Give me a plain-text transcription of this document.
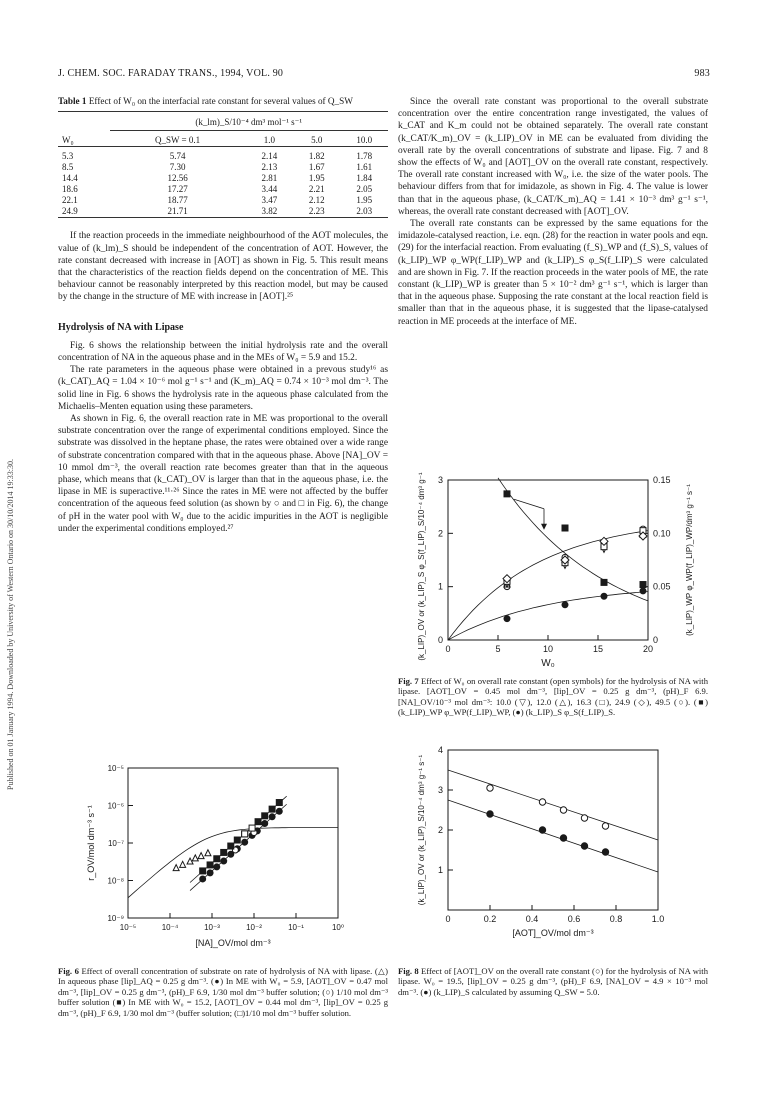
J. CHEM. SOC. FARADAY TRANS., 1994, VOL. 90	983
Published on 01 January 1994. Downloaded by University of Western Ontario on 30/10/2014 19:33:30.
Table 1 Effect of W₀ on the interfacial rate constant for several values of Q_SW

	(k_lm)_S/10⁻⁴ dm³ mol⁻¹ s⁻¹			

W₀	Q_SW = 0.1	1.0	5.0	10.0

5.3	5.74	2.14	1.82	1.78
8.5	7.30	2.13	1.67	1.61
14.4	12.56	2.81	1.95	1.84
18.6	17.27	3.44	2.21	2.05
22.1	18.77	3.47	2.12	1.95
24.9	21.71	3.82	2.23	2.03

If the reaction proceeds in the immediate neighbourhood of the AOT molecules, the value of (k_lm)_S should be independent of the concentration of AOT. However, the rate constant decreased with increase in [AOT] as shown in Fig. 5. This result means that the characteristics of the reaction fields depend on the concentration of ME. This behaviour cannot be reasonably interpreted by this reaction model, but may be caused by the change in the structure of ME with increase in [AOT].²⁵

Hydrolysis of NA with Lipase

Fig. 6 shows the relationship between the initial hydrolysis rate and the overall concentration of NA in the aqueous phase and in the MEs of W₀ = 5.9 and 15.2.

The rate parameters in the aqueous phase were obtained in a prevous study¹⁶ as (k_CAT)_AQ = 1.04 × 10⁻⁶ mol g⁻¹ s⁻¹ and (K_m)_AQ = 0.74 × 10⁻³ mol dm⁻³. The solid line in Fig. 6 shows the hydrolysis rate in the aqueous phase calculated from the Michaelis–Menten equation using these parameters.

As shown in Fig. 6, the overall reaction rate in ME was proportional to the overall substrate concentration over the range of experimental conditions employed. Since the substrate was dissolved in the heptane phase, the rates were obtained over a wide range of substrate concentration compared with that in the aqueous phase. Above [NA]_OV = 10 mmol dm⁻³, the overall reaction rate becomes greater than that in the aqueous phase, which means that (k_CAT)_OV is larger than that in the aqueous phase, i.e. the lipase in ME is superactive.¹¹·²⁶ Since the rates in ME were not affected by the buffer concentration of the aqueous feed solution (as shown by ○ and □ in Fig. 6), the change of pH in the water pool with W₀ due to the acidic impurities in the AOT is negligible under the experimental conditions employed.²⁷

Since the overall rate constant was proportional to the overall substrate concentration over the entire concentration range investigated, the values of k_CAT and K_m could not be obtained separately. The overall rate constant (k_CAT/K_m)_OV = (k_LIP)_OV in ME can be evaluated from dividing the overall rate by the overall concentrations of substrate and lipase. Fig. 7 and 8 show the effects of W₀ and [AOT]_OV on the overall rate constant, respectively. The overall rate constant increased with W₀, i.e. the size of the water pools. The behaviour differs from that for imidazole, as shown in Fig. 4. The value is lower than that in the aqueous phase, (k_CAT/K_m)_AQ = 1.41 × 10⁻³ dm³ g⁻¹ s⁻¹, whereas, the overall rate constant decreased with [AOT]_OV.

The overall rate constants can be expressed by the same equations for the imidazole-catalysed reaction, i.e. eqn. (28) for the reaction in water pools and eqn. (29) for the interfacial reaction. From evaluating (f_S)_WP and (f_S)_S, values of (k_LIP)_WP φ_WP(f_LIP)_WP and (k_LIP)_S φ_S(f_LIP)_S were calculated and are shown in Fig. 7. If the reaction proceeds in the water pools of ME, the rate constant (k_LIP)_WP is greater than 5 × 10⁻² dm³ g⁻¹ s⁻¹, which is larger than that in the aqueous phase. Supposing the rate constant at the local reaction field is smaller than that in the aqueous phase, it is suggested that the lipase-catalysed reaction in ME proceeds at the interface of ME.

10⁻⁵	10⁻⁴	10⁻³	10⁻²	10⁻¹	10⁰
10⁻⁹
10⁻⁸
10⁻⁷
10⁻⁶
10⁻⁵
[NA]_OV/mol dm⁻³
r_OV/mol dm⁻³ s⁻¹
Fig. 6 Effect of overall concentration of substrate on rate of hydrolysis of NA with lipase. (△) In aqueous phase [lip]_AQ = 0.25 g dm⁻³. (●) In ME with W₀ = 5.9, [AOT]_OV = 0.47 mol dm⁻³, [lip]_OV = 0.25 g dm⁻³, (pH)_F 6.9, 1/30 mol dm⁻³ buffer solution; (○) 1/10 mol dm⁻³ buffer solution (■) In ME with W₀ = 15.2, [AOT]_OV = 0.44 mol dm⁻³, [lip]_OV = 0.25 g dm⁻³, (pH)_F 6.9, 1/30 mol dm⁻³ (buffer solution; (□)1/10 mol dm⁻³ buffer solution.
0	5	10	15	20
0
1
2
3
0
0.05
0.10
0.15
W₀
(k_LIP)_OV or (k_LIP)_S φ_S(f_LIP)_S/10⁻⁴ dm³ g⁻¹ s⁻¹	(k_LIP)_WP φ_WP(f_LIP)_WP/dm³ g⁻¹ s⁻¹
Fig. 7 Effect of W₀ on overall rate constant (open symbols) for the hydrolysis of NA with lipase. [AOT]_OV = 0.45 mol dm⁻³, [lip]_OV = 0.25 g dm⁻³, (pH)_F 6.9. [NA]_OV/10⁻³ mol dm⁻³: 10.0 (▽), 12.0 (△), 16.3 (□), 24.9 (◇), 49.5 (○). (■) (k_LIP)_WP φ_WP(f_LIP)_WP, (●) (k_LIP)_S φ_S(f_LIP)_S.
0	0.2	0.4	0.6	0.8	1.0
1
2
3
4
[AOT]_OV/mol dm⁻³
(k_LIP)_OV or (k_LIP)_S/10⁻⁴ dm³ g⁻¹ s⁻¹
Fig. 8 Effect of [AOT]_OV on the overall rate constant (○) for the hydrolysis of NA with lipase. W₀ = 19.5, [lip]_OV = 0.25 g dm⁻³, (pH)_F 6.9, [NA]_OV = 4.9 × 10⁻³ mol dm⁻³. (●) (k_LIP)_S calculated by assuming Q_SW = 5.0.
